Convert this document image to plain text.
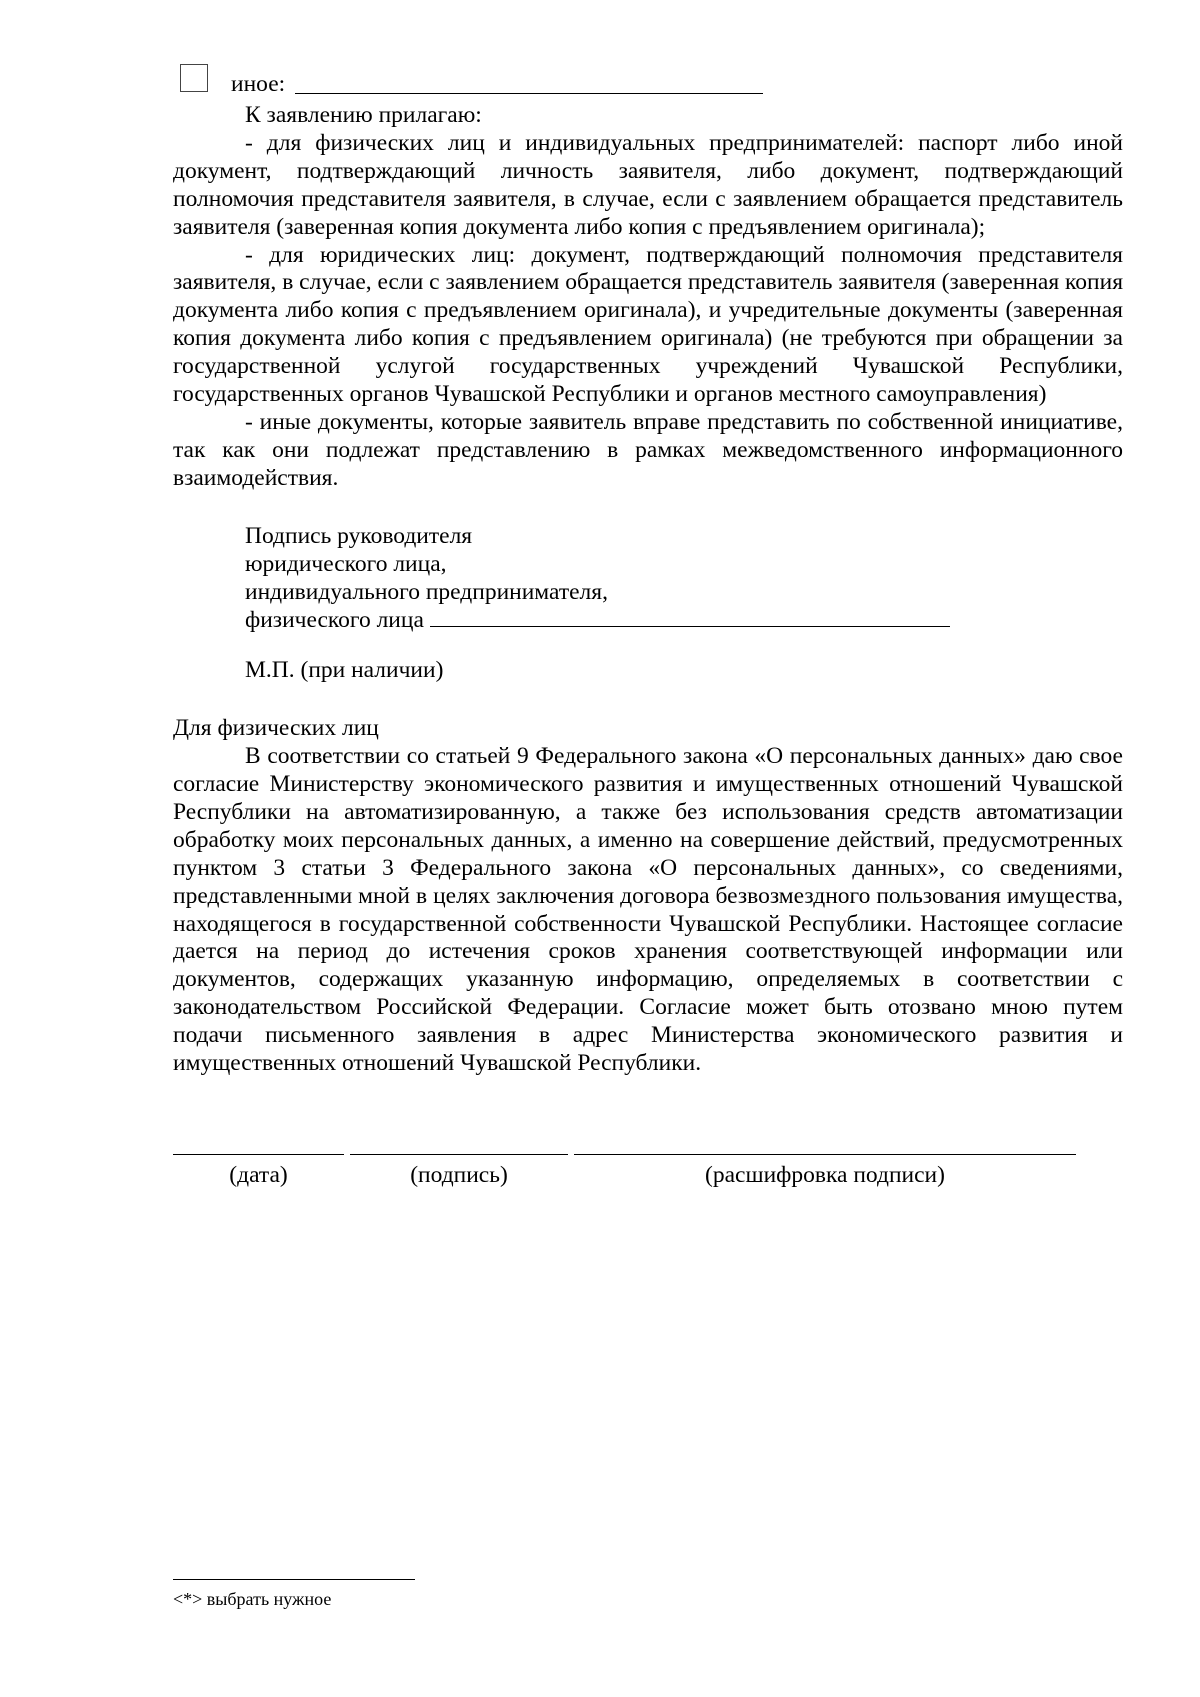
иное:

К заявлению прилагаю:

- для физических лиц и индивидуальных предпринимателей: паспорт либо иной документ, подтверждающий личность заявителя, либо документ, подтверждающий полномочия представителя заявителя, в случае, если с заявлением обращается представитель заявителя (заверенная копия документа либо копия с предъявлением оригинала);

- для юридических лиц: документ, подтверждающий полномочия представителя заявителя, в случае, если с заявлением обращается представитель заявителя (заверенная копия документа либо копия с предъявлением оригинала), и учредительные документы (заверенная копия документа либо копия с предъявлением оригинала) (не требуются при обращении за государственной услугой государственных учреждений Чувашской Республики, государственных органов Чувашской Республики и органов местного самоуправления)

- иные документы, которые заявитель вправе представить по собственной инициативе, так как они подлежат представлению в рамках межведомственного информационного взаимодействия.

Подпись руководителя

юридического лица,

индивидуального предпринимателя,

физического лица

М.П. (при наличии)

Для физических лиц

В соответствии со статьей 9 Федерального закона «О персональных данных» даю свое согласие Министерству экономического развития и имущественных отношений Чувашской Республики на автоматизированную, а также без использования средств автоматизации обработку моих персональных данных, а именно на совершение действий, предусмотренных пунктом 3 статьи 3 Федерального закона «О персональных данных», со сведениями, представленными мной в целях заключения договора безвозмездного пользования имущества, находящегося в государственной собственности Чувашской Республики. Настоящее согласие дается на период до истечения сроков хранения соответствующей информации или документов, содержащих указанную информацию, определяемых в соответствии с законодательством Российской Федерации. Согласие может быть отозвано мною путем подачи письменного заявления в адрес Министерства экономического развития и имущественных отношений Чувашской Республики.

(дата)	(подпись)	(расшифровка подписи)
<*> выбрать нужное
